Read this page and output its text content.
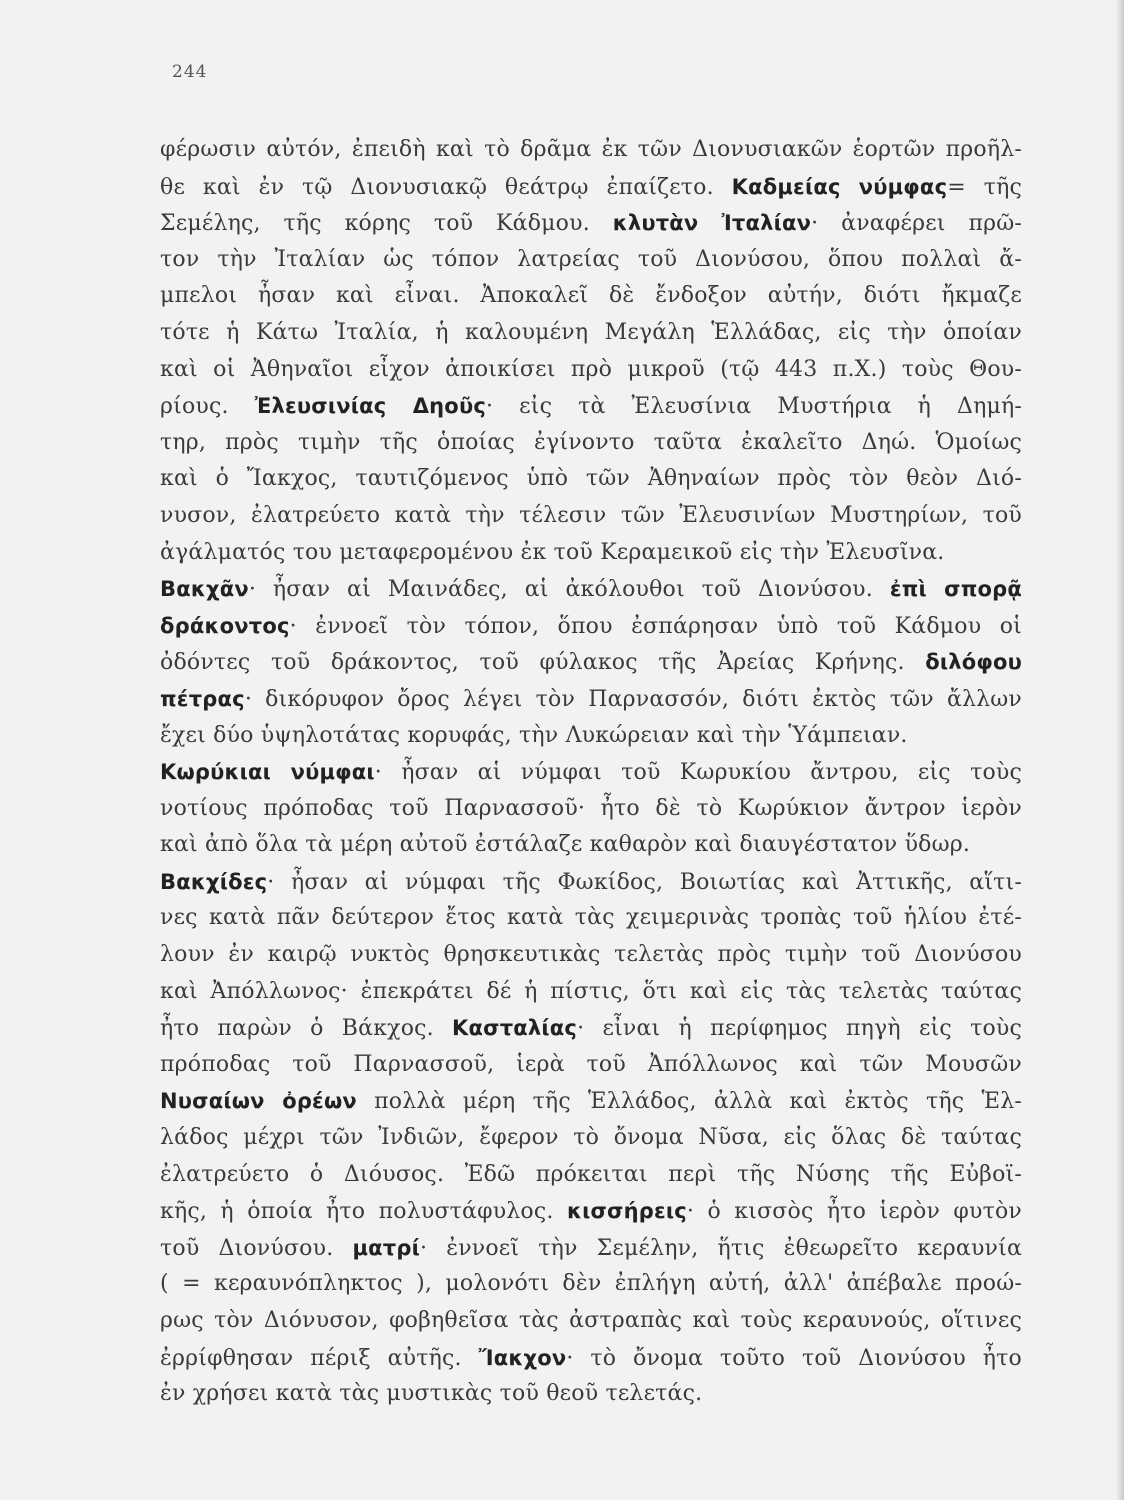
244
φέρωσιν αὐτόν, ἐπειδὴ καὶ τὸ δρᾶμα ἐκ τῶν Διονυσιακῶν ἑορτῶν προῆλ-
θε καὶ ἐν τῷ Διονυσιακῷ θεάτρῳ ἐπαίζετο. Καδμείας νύμφας= τῆς
Σεμέλης, τῆς κόρης τοῦ Κάδμου. κλυτὰν Ἰταλίαν· ἀναφέρει πρῶ-
τον τὴν Ἰταλίαν ὡς τόπον λατρείας τοῦ Διονύσου, ὅπου πολλαὶ ἄ-
μπελοι ἦσαν καὶ εἶναι. Ἀποκαλεῖ δὲ ἔνδοξον αὐτήν, διότι ἤκμαζε
τότε ἡ Κάτω Ἰταλία, ἡ καλουμένη Μεγάλη Ἑλλάδας, εἰς τὴν ὁποίαν
καὶ οἱ Ἀθηναῖοι εἶχον ἀποικίσει πρὸ μικροῦ (τῷ 443 π.Χ.) τοὺς Θου-
ρίους. Ἐλευσινίας Δηοῦς· εἰς τὰ Ἐλευσίνια Μυστήρια ἡ Δημή-
τηρ, πρὸς τιμὴν τῆς ὁποίας ἐγίνοντο ταῦτα ἐκαλεῖτο Δηώ. Ὁμοίως
καὶ ὁ Ἴακχος, ταυτιζόμενος ὑπὸ τῶν Ἀθηναίων πρὸς τὸν θεὸν Διό-
νυσον, ἐλατρεύετο κατὰ τὴν τέλεσιν τῶν Ἐλευσινίων Μυστηρίων, τοῦ
ἀγάλματός του μεταφερομένου ἐκ τοῦ Κεραμεικοῦ εἰς τὴν Ἐλευσῖνα.
Βακχᾶν· ἦσαν αἱ Μαινάδες, αἱ ἀκόλουθοι τοῦ Διονύσου. ἐπὶ σπορᾷ
δράκοντος· ἐννοεῖ τὸν τόπον, ὅπου ἐσπάρησαν ὑπὸ τοῦ Κάδμου οἱ
ὀδόντες τοῦ δράκοντος, τοῦ φύλακος τῆς Ἀρείας Κρήνης. διλόφου
πέτρας· δικόρυφον ὄρος λέγει τὸν Παρνασσόν, διότι ἐκτὸς τῶν ἄλλων
ἔχει δύο ὑψηλοτάτας κορυφάς, τὴν Λυκώρειαν καὶ τὴν Ὑάμπειαν.
Κωρύκιαι νύμφαι· ἦσαν αἱ νύμφαι τοῦ Κωρυκίου ἄντρου, εἰς τοὺς
νοτίους πρόποδας τοῦ Παρνασσοῦ· ἦτο δὲ τὸ Κωρύκιον ἄντρον ἱερὸν
καὶ ἀπὸ ὅλα τὰ μέρη αὐτοῦ ἐστάλαζε καθαρὸν καὶ διαυγέστατον ὕδωρ.
Βακχίδες· ἦσαν αἱ νύμφαι τῆς Φωκίδος, Βοιωτίας καὶ Ἀττικῆς, αἵτι-
νες κατὰ πᾶν δεύτερον ἔτος κατὰ τὰς χειμερινὰς τροπὰς τοῦ ἡλίου ἐτέ-
λουν ἐν καιρῷ νυκτὸς θρησκευτικὰς τελετὰς πρὸς τιμὴν τοῦ Διονύσου
καὶ Ἀπόλλωνος· ἐπεκράτει δέ ἡ πίστις, ὅτι καὶ εἰς τὰς τελετὰς ταύτας
ἦτο παρὼν ὁ Βάκχος. Κασταλίας· εἶναι ἡ περίφημος πηγὴ εἰς τοὺς
πρόποδας τοῦ Παρνασσοῦ, ἱερὰ τοῦ Ἀπόλλωνος καὶ τῶν Μουσῶν
Νυσαίων ὀρέων πολλὰ μέρη τῆς Ἑλλάδος, ἀλλὰ καὶ ἐκτὸς τῆς Ἑλ-
λάδος μέχρι τῶν Ἰνδιῶν, ἔφερον τὸ ὄνομα Νῦσα, εἰς ὅλας δὲ ταύτας
ἐλατρεύετο ὁ Διόυσος. Ἐδῶ πρόκειται περὶ τῆς Νύσης τῆς Εὐβοϊ-
κῆς, ἡ ὁποία ἦτο πολυστάφυλος. κισσήρεις· ὁ κισσὸς ἦτο ἱερὸν φυτὸν
τοῦ Διονύσου. ματρί· ἐννοεῖ τὴν Σεμέλην, ἥτις ἐθεωρεῖτο κεραυνία
( = κεραυνόπληκτος ), μολονότι δὲν ἐπλήγη αὐτή, ἀλλ' ἀπέβαλε προώ-
ρως τὸν Διόνυσον, φοβηθεῖσα τὰς ἀστραπὰς καὶ τοὺς κεραυνούς, οἵτινες
ἐρρίφθησαν πέριξ αὐτῆς. Ἴακχον· τὸ ὄνομα τοῦτο τοῦ Διονύσου ἦτο
ἐν χρήσει κατὰ τὰς μυστικὰς τοῦ θεοῦ τελετάς.
